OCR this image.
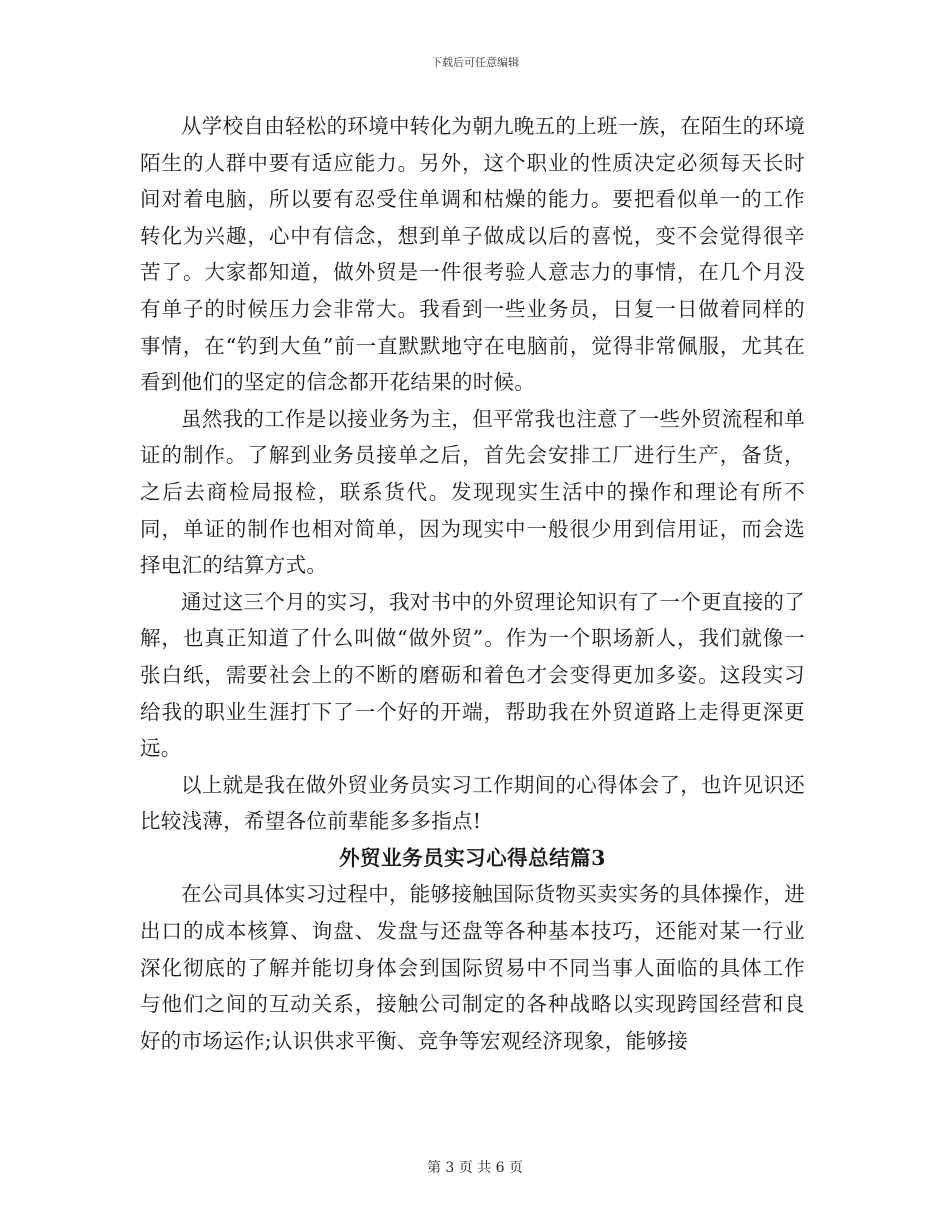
下载后可任意编辑

从学校自由轻松的环境中转化为朝九晚五的上班一族，在陌生的环境陌生的人群中要有适应能力。另外，这个职业的性质决定必须每天长时间对着电脑，所以要有忍受住单调和枯燥的能力。要把看似单一的工作转化为兴趣，心中有信念，想到单子做成以后的喜悦，变不会觉得很辛苦了。大家都知道，做外贸是一件很考验人意志力的事情，在几个月没有单子的时候压力会非常大。我看到一些业务员，日复一日做着同样的事情，在“钓到大鱼”前一直默默地守在电脑前，觉得非常佩服，尤其在看到他们的坚定的信念都开花结果的时候。

虽然我的工作是以接业务为主，但平常我也注意了一些外贸流程和单证的制作。了解到业务员接单之后，首先会安排工厂进行生产，备货，之后去商检局报检，联系货代。发现现实生活中的操作和理论有所不同，单证的制作也相对简单，因为现实中一般很少用到信用证，而会选择电汇的结算方式。

通过这三个月的实习，我对书中的外贸理论知识有了一个更直接的了解，也真正知道了什么叫做“做外贸”。作为一个职场新人，我们就像一张白纸，需要社会上的不断的磨砺和着色才会变得更加多姿。这段实习给我的职业生涯打下了一个好的开端，帮助我在外贸道路上走得更深更远。

以上就是我在做外贸业务员实习工作期间的心得体会了，也许见识还比较浅薄，希望各位前辈能多多指点!

外贸业务员实习心得总结篇3

在公司具体实习过程中，能够接触国际货物买卖实务的具体操作，进出口的成本核算、询盘、发盘与还盘等各种基本技巧，还能对某一行业深化彻底的了解并能切身体会到国际贸易中不同当事人面临的具体工作与他们之间的互动关系，接触公司制定的各种战略以实现跨国经营和良好的市场运作;认识供求平衡、竞争等宏观经济现象，能够接

第 3 页 共 6 页
